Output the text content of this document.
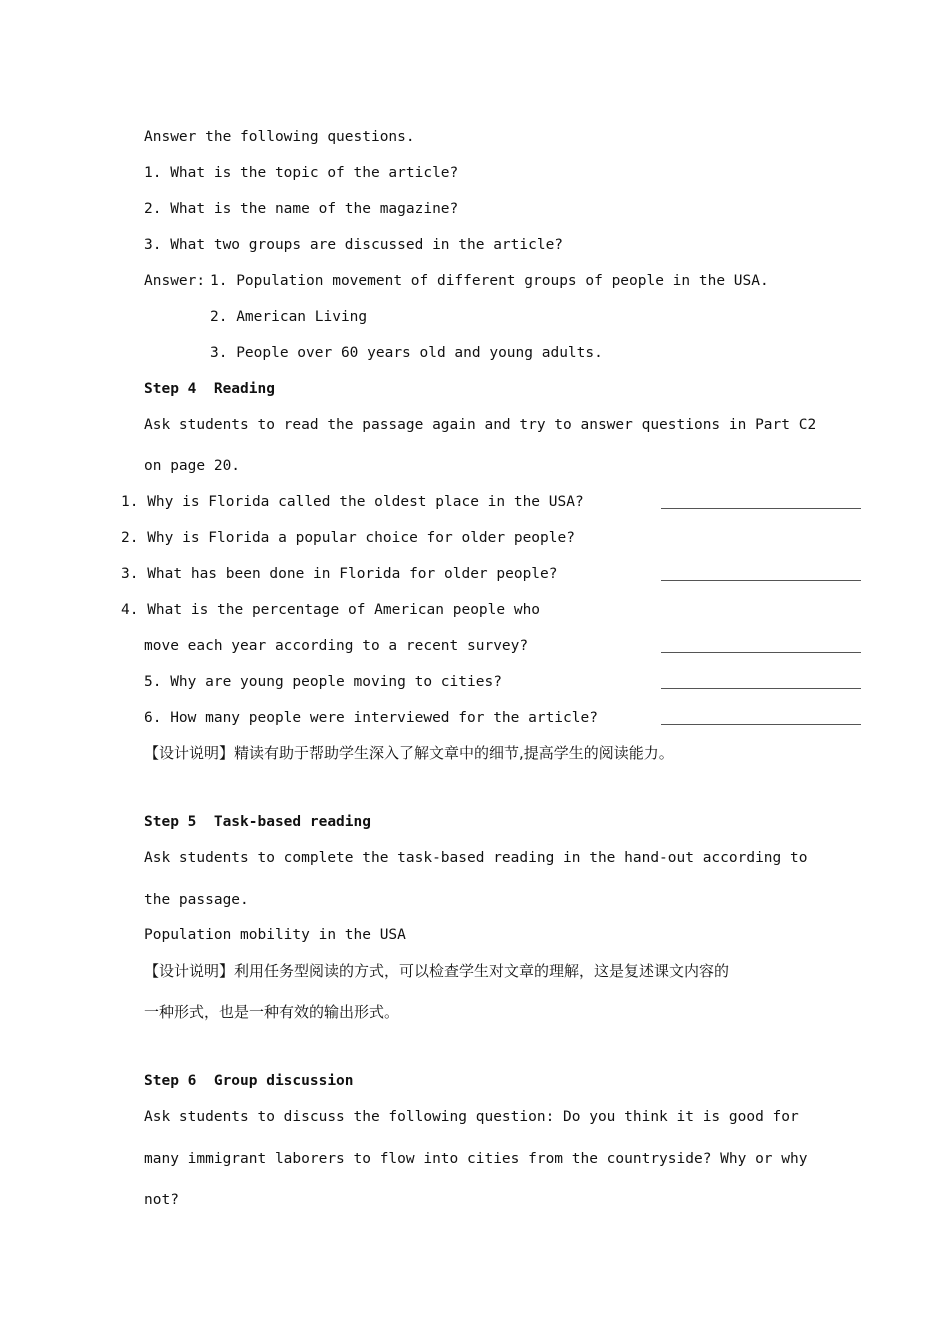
Answer the following questions.
1. What is the topic of the article?
2. What is the name of the magazine?
3. What two groups are discussed in the article?
Answer:
1. Population movement of different groups of people in the USA.
2. American Living
3. People over 60 years old and young adults.
Step 4  Reading
Ask students to read the passage again and try to answer questions in Part C2
on page 20.
1. Why is Florida called the oldest place in the USA?
2. Why is Florida a popular choice for older people?
3. What has been done in Florida for older people?
4. What is the percentage of American people who
move each year according to a recent survey?
5. Why are young people moving to cities?
6. How many people were interviewed for the article?
【设计说明】精读有助于帮助学生深入了解文章中的细节,提高学生的阅读能力。
Step 5  Task-based reading
Ask students to complete the task-based reading in the hand-out according to
the passage.
Population mobility in the USA
【设计说明】利用任务型阅读的方式，可以检查学生对文章的理解，这是复述课文内容的
一种形式，也是一种有效的输出形式。
Step 6  Group discussion
Ask students to discuss the following question: Do you think it is good for
many immigrant laborers to flow into cities from the countryside? Why or why
not?
